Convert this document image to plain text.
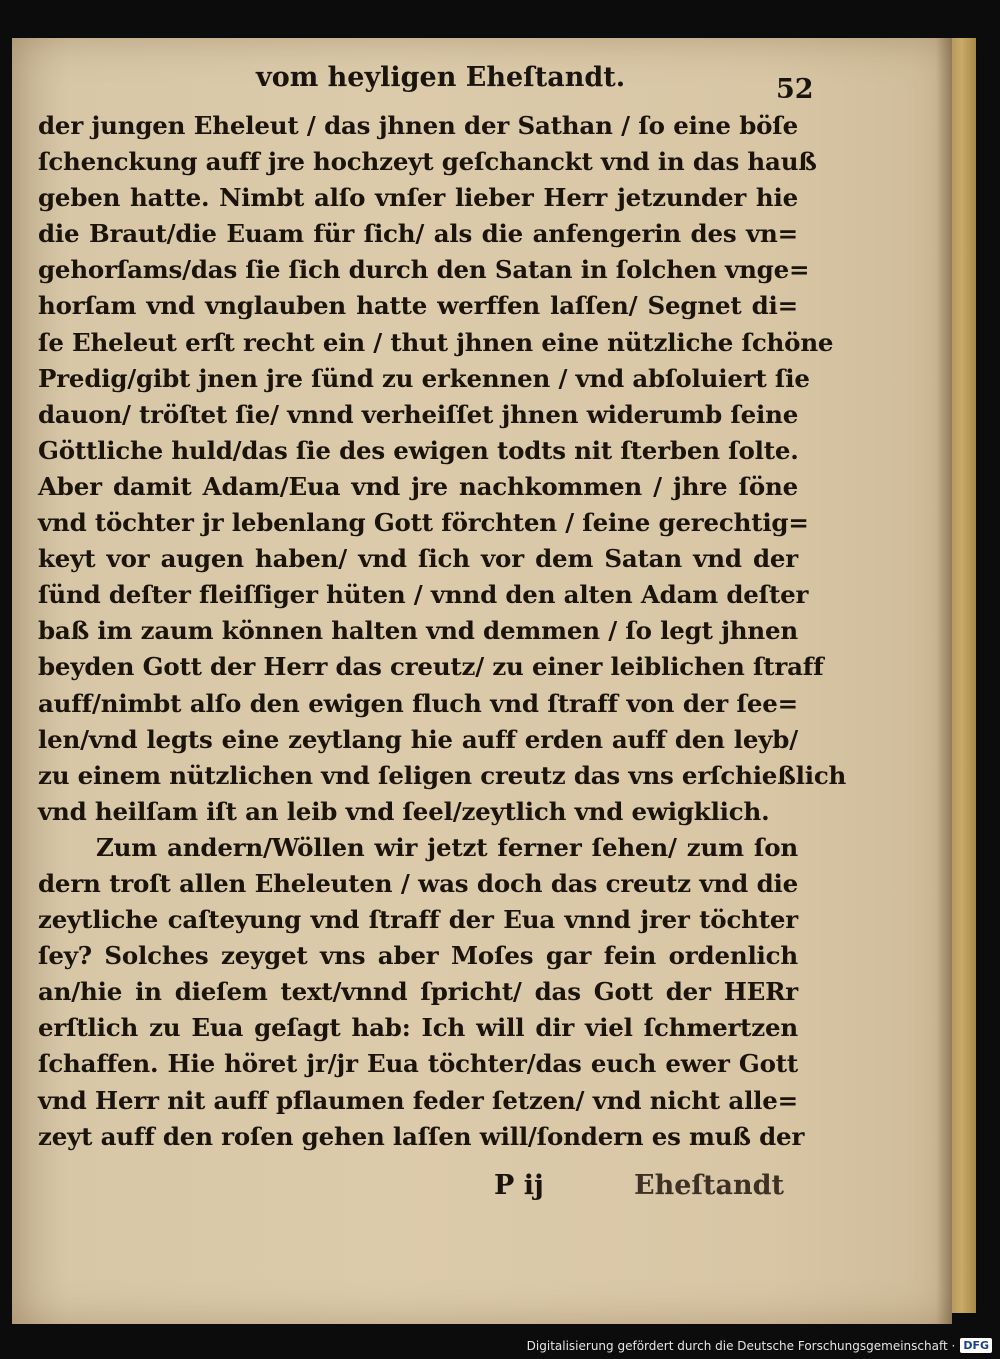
vom heyligen Eheſtandt.	52
der jungen Eheleut / das jhnen der Sathan / ſo eine böſe
ſchenckung auff jre hochzeyt geſchanckt vnd in das hauß
geben hatte. Nimbt alſo vnſer lieber Herr jetzunder hie
die Braut/die Euam für ſich/ als die anfengerin des vn=
gehorſams/das ſie ſich durch den Satan in ſolchen vnge=
horſam vnd vnglauben hatte werffen laſſen/ Segnet di=
ſe Eheleut erſt recht ein / thut jhnen eine nützliche ſchöne
Predig/gibt jnen jre ſünd zu erkennen / vnd abſoluiert ſie
dauon/ tröſtet ſie/ vnnd verheiſſet jhnen widerumb ſeine
Göttliche huld/das ſie des ewigen todts nit ſterben ſolte.
Aber damit Adam/Eua vnd jre nachkommen / jhre ſöne
vnd töchter jr lebenlang Gott förchten / ſeine gerechtig=
keyt vor augen haben/ vnd ſich vor dem Satan vnd der
ſünd deſter fleiſſiger hüten / vnnd den alten Adam deſter
baß im zaum können halten vnd demmen / ſo legt jhnen
beyden Gott der Herr das creutz/ zu einer leiblichen ſtraff
auff/nimbt alſo den ewigen fluch vnd ſtraff von der ſee=
len/vnd legts eine zeytlang hie auff erden auff den leyb/
zu einem nützlichen vnd ſeligen creutz das vns erſchießlich
vnd heilſam iſt an leib vnd ſeel/zeytlich vnd ewigklich.
Zum andern/Wöllen wir jetzt ferner ſehen/ zum ſon
dern troſt allen Eheleuten / was doch das creutz vnd die
zeytliche caſteyung vnd ſtraff der Eua vnnd jrer töchter
ſey? Solches zeyget vns aber Moſes gar fein ordenlich
an/hie in dieſem text/vnnd ſpricht/ das Gott der HERr
erſtlich zu Eua geſagt hab: Ich will dir viel ſchmertzen
ſchaffen. Hie höret jr/jr Eua töchter/das euch ewer Gott
vnd Herr nit auff pflaumen feder ſetzen/ vnd nicht alle=
zeyt auff den roſen gehen laſſen will/ſondern es muß der
P ij	Eheſtandt
Digitalisierung gefördert durch die Deutsche Forschungsgemeinschaft · DFG
